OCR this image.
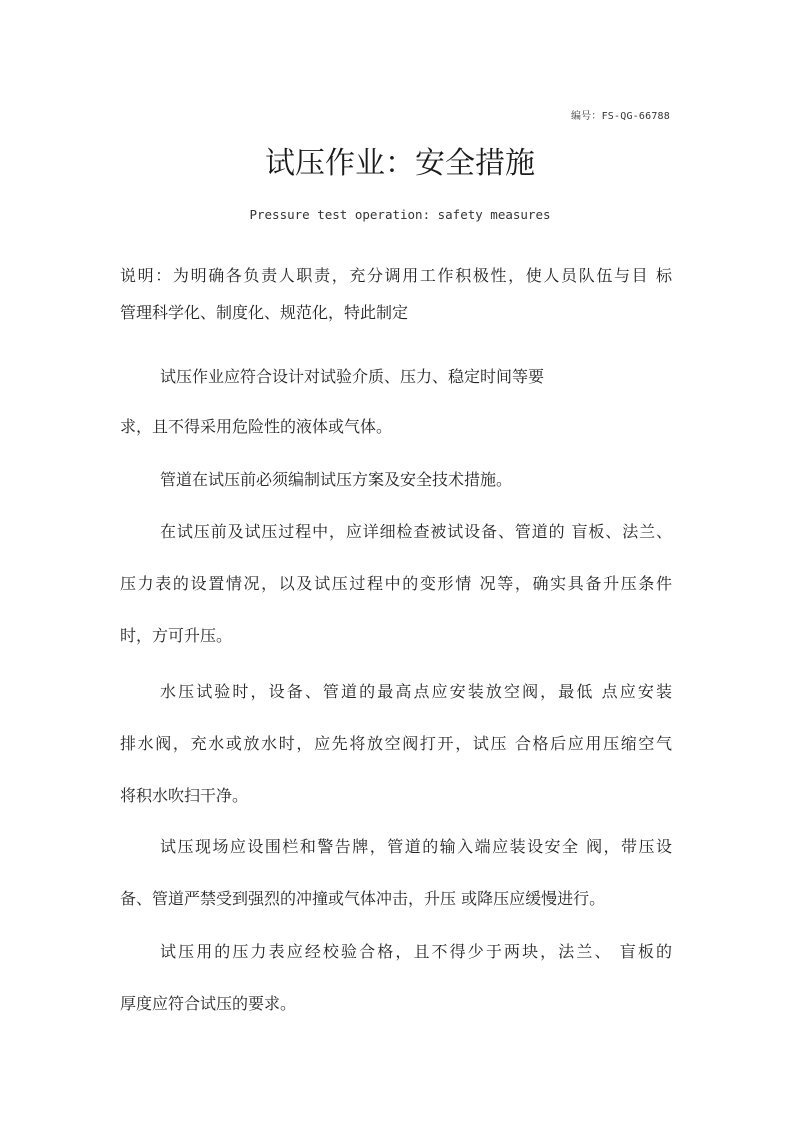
编号：FS-QG-66788
试压作业：安全措施
Pressure test operation: safety measures
说明：为明确各负责人职责，充分调用工作积极性，使人员队伍与目 标
管理科学化、制度化、规范化，特此制定
试压作业应符合设计对试验介质、压力、稳定时间等要
求，且不得采用危险性的液体或气体。
管道在试压前必须编制试压方案及安全技术措施。
在试压前及试压过程中，应详细检查被试设备、管道的 盲板、法兰、
压力表的设置情况，以及试压过程中的变形情 况等，确实具备升压条件
时，方可升压。
水压试验时，设备、管道的最高点应安装放空阀，最低 点应安装
排水阀，充水或放水时，应先将放空阀打开，试压 合格后应用压缩空气
将积水吹扫干净。
试压现场应设围栏和警告牌，管道的输入端应装设安全 阀，带压设
备、管道严禁受到强烈的冲撞或气体冲击，升压 或降压应缓慢进行。
试压用的压力表应经校验合格，且不得少于两块，法兰、 盲板的
厚度应符合试压的要求。
